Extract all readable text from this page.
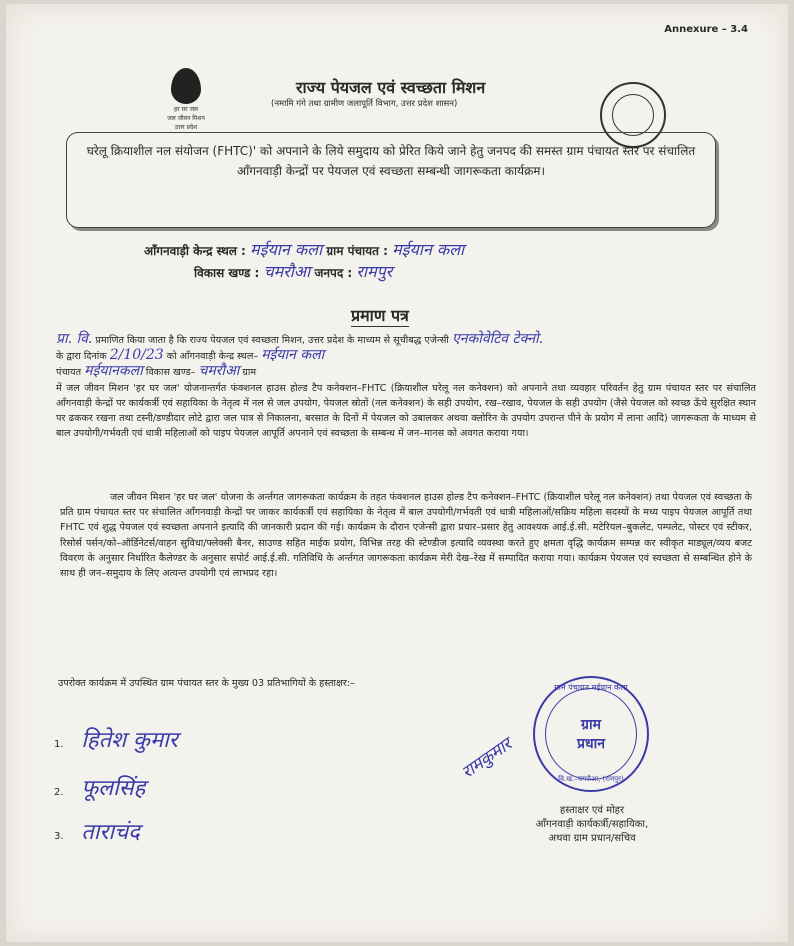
Annexure – 3.4
हर घर जल
जल जीवन मिशन
उत्तर प्रदेश
राज्य पेयजल एवं स्वच्छता मिशन
(नमामि गंगे तथा ग्रामीण जलापूर्ति विभाग, उत्तर प्रदेश शासन)
घरेलू क्रियाशील नल संयोजन (FHTC)' को अपनाने के लिये समुदाय को प्रेरित किये जाने हेतु जनपद की समस्त ग्राम पंचायत स्तर पर संचालित आँगनवाड़ी केन्द्रों पर पेयजल एवं स्वच्छता सम्बन्धी जागरूकता कार्यक्रम।
आँगनवाड़ी केन्द्र स्थल : मईयान कला ग्राम पंचायत : मईयान कला
विकास खण्ड : चमरौआ जनपद : रामपुर
प्रमाण पत्र
प्रा. वि. प्रमाणित किया जाता है कि राज्य पेयजल एवं स्वच्छता मिशन, उत्तर प्रदेश के माध्यम से सूचीबद्ध एजेन्सी एनकोवेटिव टेक्नो.
के द्वारा दिनांक 2/10/23 को आँगनवाड़ी केन्द्र स्थल– मईयान कला
पंचायत मईयानकला विकास खण्ड– चमरौआ ग्राम
में जल जीवन मिशन 'हर घर जल' योजनान्तर्गत फंक्शनल हाउस होल्ड टैप कनेक्शन–FHTC (क्रियाशील घरेलू नल कनेक्शन) को अपनाने तथा व्यवहार परिवर्तन हेतु ग्राम पंचायत स्तर पर संचालित आँगनवाड़ी केन्द्रों पर कार्यकर्त्री एवं सहायिका के नेतृत्व में नल से जल उपयोग, पेयजल स्रोतों (नल कनेक्शन) के सही उपयोग, रख–रखाव, पेयजल के सही उपयोग (जैसे पेयजल को स्वच्छ ऊँचे सुरक्षित स्थान पर ढककर रखना तथा टस्नी/डण्डीदार लोटे द्वारा जल पात्र से निकालना, बरसात के दिनों में पेयजल को उबालकर अथवा क्लोरिन के उपयोग उपरान्त पीने के प्रयोग में लाना आदि) जागरूकता के माध्यम से बाल उपयोगी/गर्भवती एवं धात्री महिलाओं को पाइप पेयजल आपूर्ति अपनाने एवं स्वच्छता के सम्बन्ध में जन–मानस को अवगत कराया गया।
जल जीवन मिशन 'हर घर जल' योजना के अर्न्तगत जागरूकता कार्यक्रम के तहत फंक्शनल हाउस होल्ड टैप कनेक्शन–FHTC (क्रियाशील घरेलू नल कनेक्शन) तथा पेयजल एवं स्वच्छता के प्रति ग्राम पंचायत स्तर पर संचालित आँगनवाड़ी केन्द्रों पर जाकर कार्यकर्त्री एवं सहायिका के नेतृत्व में बाल उपयोगी/गर्भवती एवं धात्री महिलाओं/सक्रिय महिला सदस्यों के मध्य पाइप पेयजल आपूर्ति तथा FHTC एवं शुद्ध पेयजल एवं स्वच्छता अपनाने इत्यादि की जानकारी प्रदान की गई। कार्यक्रम के दौरान एजेन्सी द्वारा प्रचार–प्रसार हेतु आवश्यक आई.ई.सी. मटेरियल–बुकलेट, पम्पलेट, पोस्टर एवं स्टीकर, रिसोर्स पर्सन/को–ऑर्डिनेटर्स/वाहन सुविधा/फ्लेक्सी बैनर, साउण्ड सहित माईक प्रयोग, विभिन्न तरह की स्टेण्डीज इत्यादि व्यवस्था करते हुए क्षमता वृद्धि कार्यक्रम सम्पन्न कर स्वीकृत माड्यूल/व्यय बजट विवरण के अनुसार निर्धारित कैलेण्डर के अनुसार सपोर्ट आई.ई.सी. गतिविधि के अर्न्तगत जागरूकता कार्यक्रम मेरी देख–रेख में सम्पादित कराया गया। कार्यक्रम पेयजल एवं स्वच्छता से सम्बन्धित होने के साथ ही जन–समुदाय के लिए अत्यन्त उपयोगी एवं लाभप्रद रहा।
उपरोक्त कार्यक्रम में उपस्थित ग्राम पंचायत स्तर के मुख्य 03 प्रतिभागियों के हस्ताक्षर:–
1. हितेश कुमार
2. फूलसिंह
3. ताराचंद
रामकुमार
ग्राम पंचायत मईयान कला
ग्राम
प्रधान
वि.ख.–चमरौआ, (रामपुर)
हस्ताक्षर एवं मोहर
आँगनवाड़ी कार्यकर्त्री/सहायिका,
अथवा ग्राम प्रधान/सचिव
